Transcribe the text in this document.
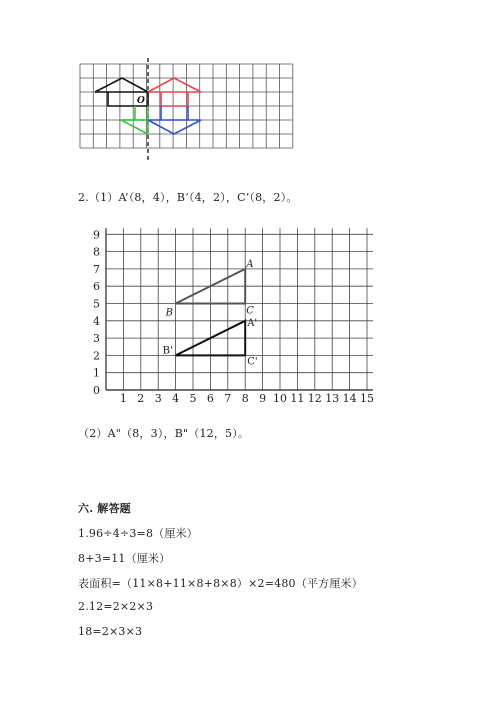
O
2.（1）A’（8，4），B’（4，2），C’（8，2）。
1 2 3 4 5 6 7 8 9 10 11 12 13 14 15
0
1
2
3
4
5
6
7
8
9
A
B	C
A'
B'
C'
（2）A"（8，3），B"（12，5）。
六. 解答题
1.96÷4÷3=8（厘米）
8+3=11（厘米）
表面积=（11×8+11×8+8×8）×2=480（平方厘米）
2.12=2×2×3
18=2×3×3
